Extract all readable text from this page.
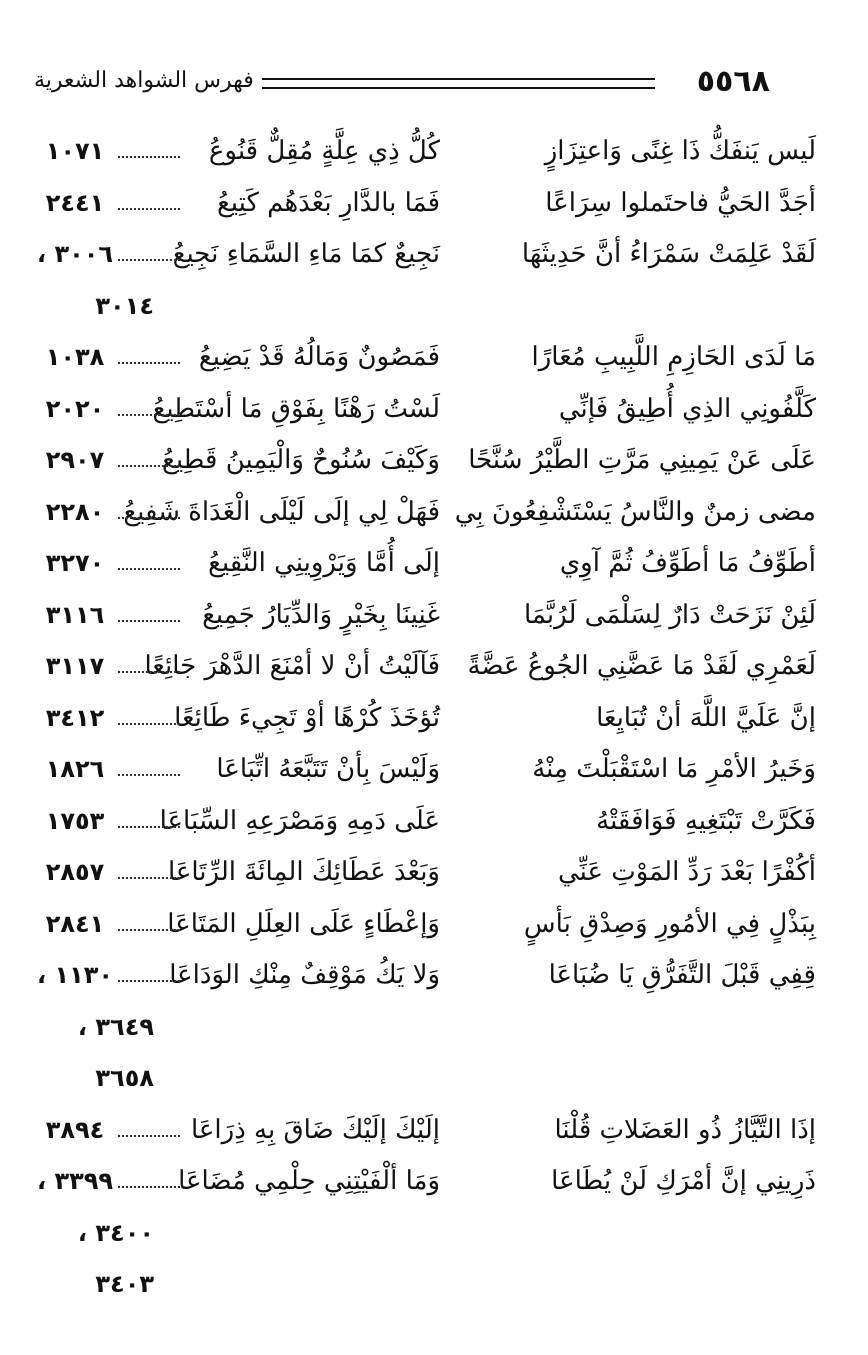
٥٥٦٨
فهرس الشواهد الشعرية
لَيس يَنفَكُّ ذَا غِنًى وَاعتِزَازٍ
كُلُّ ذِي عِلَّةٍ مُقِلٌّ قَنُوعُ
١٠٧١
أجَدَّ الحَيُّ فاحتَملوا سِرَاعًا
فَمَا بالدَّارِ بَعْدَهُم كَتِيعُ
٢٤٤١
لَقَدْ عَلِمَتْ سَمْرَاءُ أنَّ حَدِيثَهَا
نَجِيعٌ كمَا مَاءِ السَّمَاءِ نَجِيعُ
٣٠٠٦ ،
٣٠١٤
مَا لَدَى الحَازِمِ اللَّبِيبِ مُعَارًا
فَمَصُونٌ وَمَالُهُ قَدْ يَضِيعُ
١٠٣٨
كَلَّفُونِي الذِي أُطِيقُ فَإنِّي
لَسْتُ رَهْنًا بِفَوْقِ مَا أسْتَطِيعُ
٢٠٢٠
عَلَى عَنْ يَمِينِي مَرَّتِ الطَّيْرُ سُنَّحًا
وَكَيْفَ سُنُوحٌ وَالْيَمِينُ قَطِيعُ
٢٩٠٧
مضى زمنٌ والنَّاسُ يَسْتَشْفِعُونَ بِي
فَهَلْ لِي إلَى لَيْلَى الْغَدَاةَ شَفِيعُ
٢٢٨٠
أطَوِّفُ مَا أطَوِّفُ ثُمَّ آوِي
إلَى أُمَّا وَيَرْوِينِي النَّقِيعُ
٣٢٧٠
لَئِنْ نَزَحَتْ دَارٌ لِسَلْمَى لَرُبَّمَا
غَنِينَا بِخَيْرٍ وَالدِّيَارُ جَمِيعُ
٣١١٦
لَعَمْرِي لَقَدْ مَا عَضَّنِي الجُوعُ عَضَّةً
فَآلَيْتُ أنْ لا أمْنَعَ الدَّهْرَ جَائِعًا
٣١١٧
إنَّ عَلَيَّ اللَّهَ أنْ تُبَايِعَا
تُؤخَذَ كُرْهًا أوْ تَجِيءَ طَائِعًا
٣٤١٢
وَخَيرُ الأمْرِ مَا اسْتَقْبَلْتَ مِنْهُ
وَلَيْسَ بِأنْ تَتَبَّعَهُ اتِّبَاعَا
١٨٢٦
فَكَرَّتْ تَبْتَغِيهِ فَوَافَقَتْهُ
عَلَى دَمِهِ وَمَصْرَعِهِ السِّبَاعَا
١٧٥٣
أكُفْرًا بَعْدَ رَدِّ المَوْتِ عَنِّي
وَبَعْدَ عَطَائِكَ المِائَةَ الرِّتَاعَا
٢٨٥٧
بِبَذْلٍ فِي الأمُورِ وَصِدْقِ بَأسٍ
وَإعْطَاءٍ عَلَى العِلَلِ المَتَاعَا
٢٨٤١
قِفِي قَبْلَ التَّفَرُّقِ يَا ضُبَاعَا
وَلا يَكُ مَوْقِفٌ مِنْكِ الوَدَاعَا
١١٣٠ ،
٣٦٤٩ ،
٣٦٥٨
إذَا التَّيَّازُ ذُو العَضَلاتِ قُلْنَا
إلَيْكَ إلَيْكَ ضَاقَ بِهِ ذِرَاعَا
٣٨٩٤
ذَرِينِي إنَّ أمْرَكِ لَنْ يُطَاعَا
وَمَا ألْفَيْتِنِي حِلْمِي مُضَاعَا
٣٣٩٩ ،
٣٤٠٠ ،
٣٤٠٣
